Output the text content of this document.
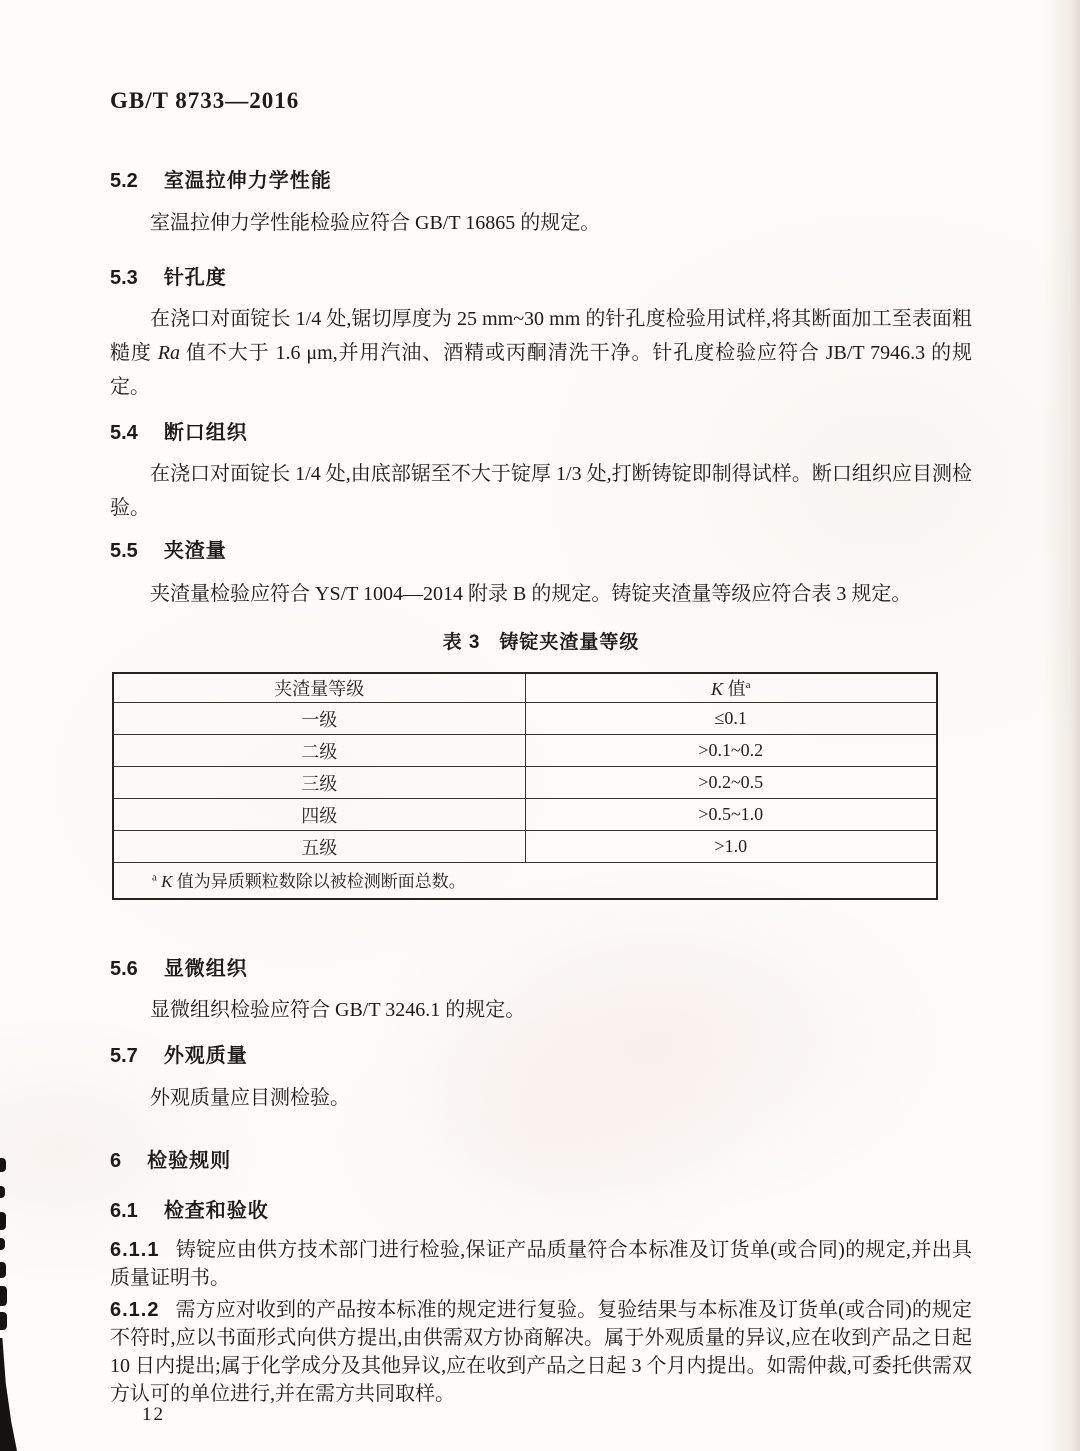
GB/T 8733—2016
5.2 室温拉伸力学性能

室温拉伸力学性能检验应符合 GB/T 16865 的规定。

5.3 针孔度

在浇口对面锭长 1/4 处,锯切厚度为 25 mm~30 mm 的针孔度检验用试样,将其断面加工至表面粗糙度 Ra 值不大于 1.6 μm,并用汽油、酒精或丙酮清洗干净。针孔度检验应符合 JB/T 7946.3 的规定。

5.4 断口组织

在浇口对面锭长 1/4 处,由底部锯至不大于锭厚 1/3 处,打断铸锭即制得试样。断口组织应目测检验。

5.5 夹渣量

夹渣量检验应符合 YS/T 1004—2014 附录 B 的规定。铸锭夹渣量等级应符合表 3 规定。

表 3 铸锭夹渣量等级
夹渣量等级	K 值$^a$
一级	≤0.1
二级	>0.1~0.2
三级	>0.2~0.5
四级	>0.5~1.0
五级	>1.0
$^a$ K 值为异质颗粒数除以被检测断面总数。	
5.6 显微组织

显微组织检验应符合 GB/T 3246.1 的规定。

5.7 外观质量

外观质量应目测检验。

6 检验规则
6.1 检查和验收

6.1.1 铸锭应由供方技术部门进行检验,保证产品质量符合本标准及订货单(或合同)的规定,并出具质量证明书。

6.1.2 需方应对收到的产品按本标准的规定进行复验。复验结果与本标准及订货单(或合同)的规定不符时,应以书面形式向供方提出,由供需双方协商解决。属于外观质量的异议,应在收到产品之日起 10 日内提出;属于化学成分及其他异议,应在收到产品之日起 3 个月内提出。如需仲裁,可委托供需双方认可的单位进行,并在需方共同取样。

12
